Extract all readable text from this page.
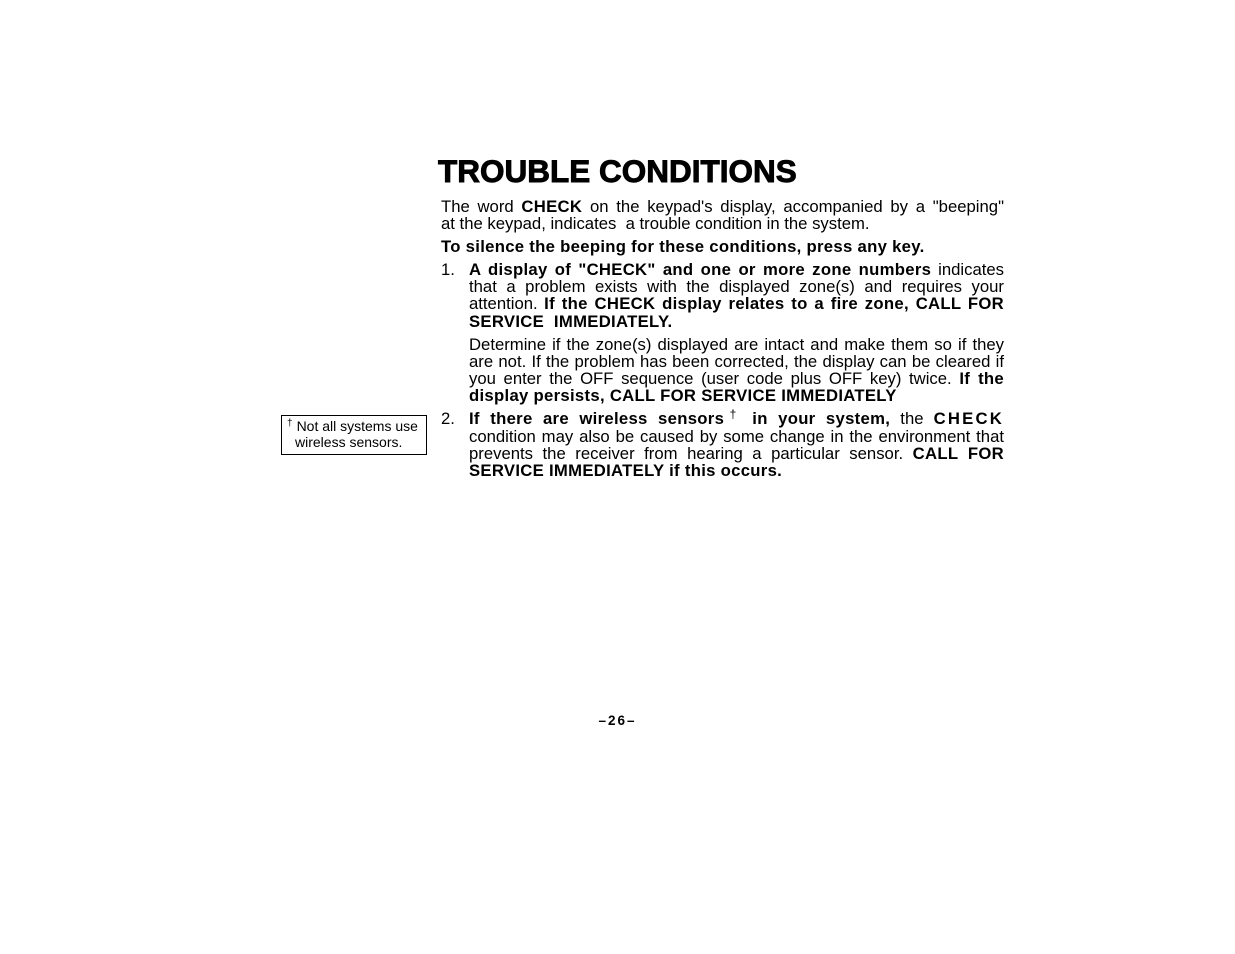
TROUBLE CONDITIONS
The word CHECK on the keypad's display, accompanied by a "beeping"
at the keypad, indicates  a trouble condition in the system.
To silence the beeping for these conditions, press any key.
1. A display of "CHECK" and one or more zone numbers indicates
that a problem exists with the displayed zone(s) and requires your
attention. If the CHECK display relates to a fire zone, CALL FOR
SERVICE  IMMEDIATELY.
Determine if the zone(s) displayed are intact and make them so if they
are not. If the problem has been corrected, the display can be cleared if
you enter the OFF sequence (user code plus OFF key) twice. If the
display persists, CALL FOR SERVICE IMMEDIATELY
2. If there are wireless sensors† in your system, the CHECK
condition may also be caused by some change in the environment that
prevents the receiver from hearing a particular sensor. CALL FOR
SERVICE IMMEDIATELY if this occurs.
† Not all systems use
wireless sensors.
–26–
